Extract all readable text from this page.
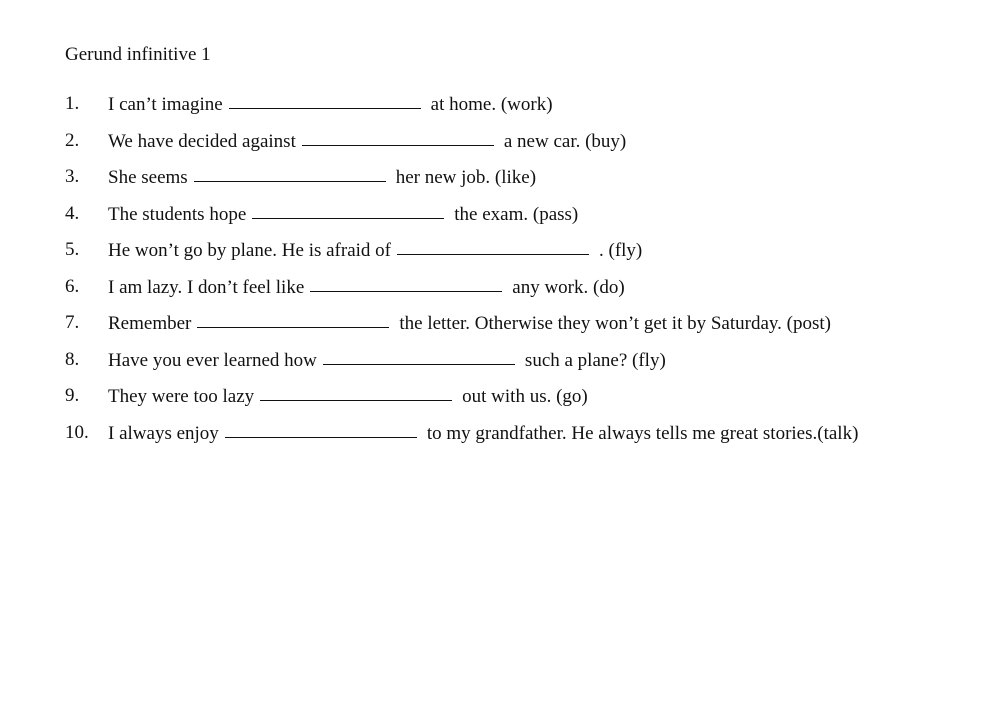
Gerund infinitive 1
1. I can’t imagine	at home. (work)
2. We have decided against	a new car. (buy)
3. She seems	her new job. (like)
4. The students hope	the exam. (pass)
5. He won’t go by plane. He is afraid of	. (fly)
6. I am lazy. I don’t feel like	any work. (do)
7. Remember	the letter. Otherwise they won’t get it by Saturday. (post)
8. Have you ever learned how	such a plane? (fly)
9. They were too lazy	out with us. (go)
10. I always enjoy	to my grandfather. He always tells me great stories.(talk)
